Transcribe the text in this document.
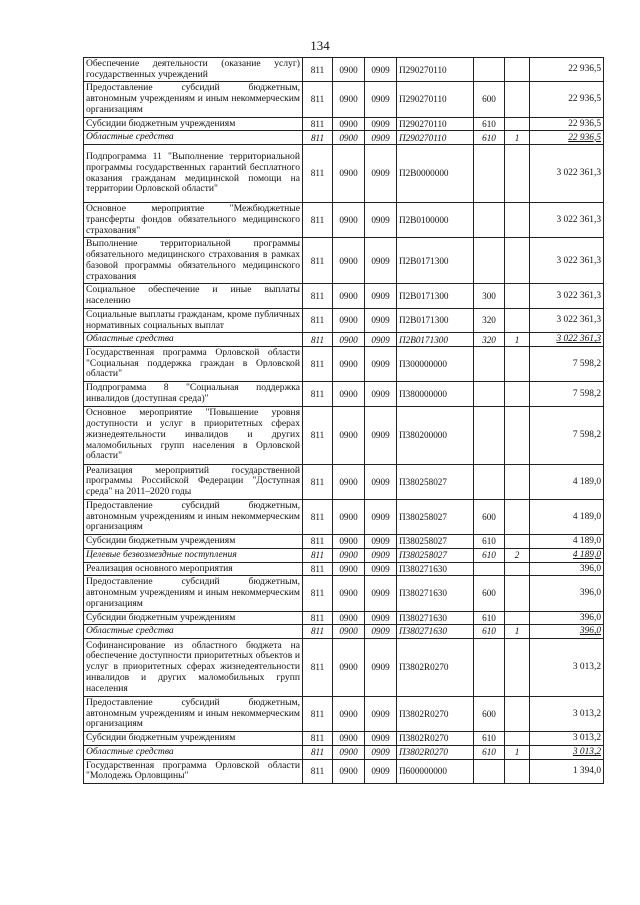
134
Обеспечение деятельности (оказание услуг) государственных учреждений	811	0900	0909	П290270110			22 936,5
Предоставление субсидий бюджетным, автономным учреждениям и иным некоммерческим организациям	811	0900	0909	П290270110	600		22 936,5
Субсидии бюджетным учреждениям	811	0900	0909	П290270110	610		22 936,5
Областные средства	811	0900	0909	П290270110	610	1	22 936,5
Подпрограмма 11 "Выполнение территориальной программы государственных гарантий бесплатного оказания гражданам медицинской помощи на территории Орловской области"	811	0900	0909	П2В0000000			3 022 361,3
Основное мероприятие "Межбюджетные трансферты фондов обязательного медицинского страхования"	811	0900	0909	П2В0100000			3 022 361,3
Выполнение территориальной программы обязательного медицинского страхования в рамках базовой программы обязательного медицинского страхования	811	0900	0909	П2В0171300			3 022 361,3
Социальное обеспечение и иные выплаты населению	811	0900	0909	П2В0171300	300		3 022 361,3
Социальные выплаты гражданам, кроме публичных нормативных социальных выплат	811	0900	0909	П2В0171300	320		3 022 361,3
Областные средства	811	0900	0909	П2В0171300	320	1	3 022 361,3
Государственная программа Орловской области "Социальная поддержка граждан в Орловской области"	811	0900	0909	П300000000			7 598,2
Подпрограмма 8 "Социальная поддержка инвалидов (доступная среда)"	811	0900	0909	П380000000			7 598,2
Основное мероприятие "Повышение уровня доступности и услуг в приоритетных сферах жизнедеятельности инвалидов и других маломобильных групп населения в Орловской области"	811	0900	0909	П380200000			7 598,2
Реализация мероприятий государственной программы Российской Федерации "Доступная среда" на 2011–2020 годы	811	0900	0909	П380258027			4 189,0
Предоставление субсидий бюджетным, автономным учреждениям и иным некоммерческим организациям	811	0900	0909	П380258027	600		4 189,0
Субсидии бюджетным учреждениям	811	0900	0909	П380258027	610		4 189,0
Целевые безвозмездные поступления	811	0900	0909	П380258027	610	2	4 189,0
Реализация основного мероприятия	811	0900	0909	П380271630			396,0
Предоставление субсидий бюджетным, автономным учреждениям и иным некоммерческим организациям	811	0900	0909	П380271630	600		396,0
Субсидии бюджетным учреждениям	811	0900	0909	П380271630	610		396,0
Областные средства	811	0900	0909	П380271630	610	1	396,0
Софинансирование из областного бюджета на обеспечение доступности приоритетных объектов и услуг в приоритетных сферах жизнедеятельности инвалидов и других маломобильных групп населения	811	0900	0909	П3802R0270			3 013,2
Предоставление субсидий бюджетным, автономным учреждениям и иным некоммерческим организациям	811	0900	0909	П3802R0270	600		3 013,2
Субсидии бюджетным учреждениям	811	0900	0909	П3802R0270	610		3 013,2
Областные средства	811	0900	0909	П3802R0270	610	1	3 013,2
Государственная программа Орловской области "Молодежь Орловщины"	811	0900	0909	П600000000			1 394,0
